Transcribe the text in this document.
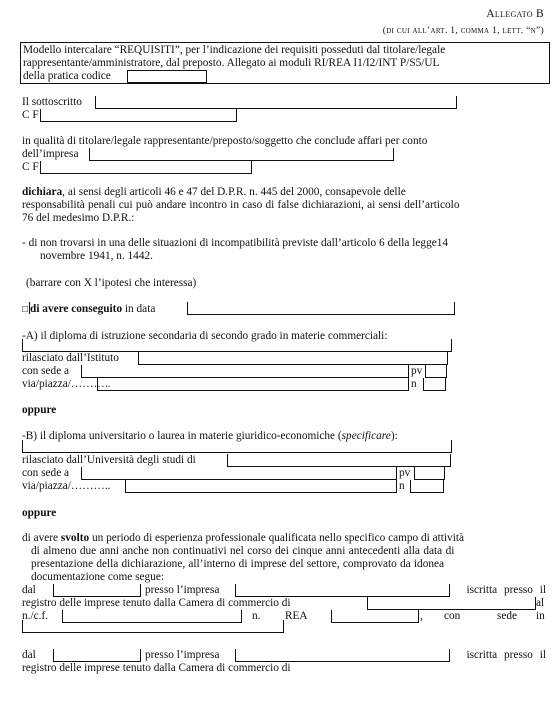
Allegato B
(di cui all’art. 1, comma 1, lett. “n”)
Modello intercalare “REQUISITI”, per l’indicazione dei requisiti posseduti dal titolare/legale
rappresentante/amministratore, dal preposto. Allegato ai moduli RI/REA I1/I2/INT P/S5/UL
della pratica codice
Il sottoscritto
C F
in qualità di titolare/legale rappresentante/preposto/soggetto che conclude affari per conto
dell’impresa
C F
dichiara, ai sensi degli articoli 46 e 47 del D.P.R. n. 445 del 2000, consapevole delle
responsabilità penali cui può andare incontro in caso di false dichiarazioni, ai sensi dell’articolo
76 del medesimo D.P.R.:
- di non trovarsi in una delle situazioni di incompatibilità previste dall’articolo 6 della legge14
novembre 1941, n. 1442.
(barrare con X l’ipotesi che interessa)
□ di avere conseguito in data
-A) il diploma di istruzione secondaria di secondo grado in materie commerciali:
rilasciato dall’Istituto
con sede a	pv
via/piazza/………..	n
oppure
-B) il diploma universitario o laurea in materie giuridico-economiche (specificare):
rilasciato dall’Università degli studi di
con sede a	pv
via/piazza/………..	n
oppure
di avere svolto un periodo di esperienza professionale qualificata nello specifico campo di attività
di almeno due anni anche non continuativi nel corso dei cinque anni antecedenti alla data di
presentazione della dichiarazione, all’interno di imprese del settore, comprovato da idonea
documentazione come segue:
dal	presso l’impresa	iscritta presso il
registro delle imprese tenuto dalla Camera di commercio di	al
n./c.f.	n. REA	, con	sede in
dal	presso l’impresa	iscritta presso il
registro delle imprese tenuto dalla Camera di commercio di
